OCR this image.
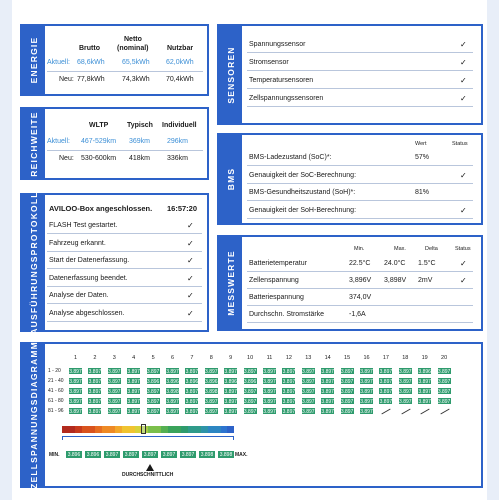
ENERGIE	Brutto
Netto
(nominal)	Nutzbar
Aktuell: 68,6kWh 65,5kWh 62,0kWh
Neu: 77,8kWh 74,3kWh 70,4kWh
REICHWEITE	WLTP	Typisch Individuell
Aktuell: 467-529km 369km 296km
Neu: 530-600km 418km 336km
AUSFÜHRUNGSPROTOKOLL AVILOO-Box angeschlossen. 16:57:20
FLASH Test gestartet.	✓
Fahrzeug erkannt.	✓
Start der Datenerfassung.	✓
Datenerfassung beendet.	✓
Analyse der Daten.	✓
Analyse abgeschlossen.	✓
SENSOREN
Spannungssensor	✓
Stromsensor	✓
Temperatursensoren	✓
Zellspannungssensoren	✓
BMS
Wert	Status
BMS-Ladezustand (SoC)*:	57%
Genauigkeit der SoC-Berechnung:	✓
BMS-Gesundheitszustand (SoH)*:	81%
Genauigkeit der SoH-Berechnung:	✓
MESSWERTE
Min.	Max.	Delta	Status
Batterietemperatur	22.5°C 24.0°C 1.5°C	✓
Zellenspannung	3,896V 3,898V 2mV	✓
Batteriespannung	374,0V
Durchschn. Stromstärke	-1,6A
ZELLSPANNUNGSDIAGRAMM	1	2	3	4	5	6	7	8	9	10	11	12	13	14	15	16	17	18	19	20
1 - 20 3.897 3.897 3.897 3.897 3.897 3.897 3.897 3.897 3.897 3.897 3.897 3.897 3.897 3.897 3.897 3.897 3.897 3.897 3.896 3.897
21 - 40 3.897 3.897 3.897 3.897 3.896 3.896 3.896 3.896 3.896 3.896 3.897 3.897 3.897 3.897 3.897 3.897 3.897 3.897 3.897 3.897
41 - 60 3.897 3.897 3.897 3.897 3.897 3.898 3.897 3.898 3.897 3.897 3.897 3.897 3.897 3.897 3.897 3.897 3.897 3.897 3.897 3.897
61 - 80 3.897 3.897 3.897 3.897 3.897 3.897 3.897 3.897 3.897 3.897 3.897 3.897 3.897 3.897 3.897 3.897 3.897 3.897 3.897 3.897
81 - 96 3.897 3.897 3.897 3.897 3.897 3.897 3.897 3.897 3.897 3.897 3.897 3.897 3.897 3.897 3.897 3.897
MIN.	3.896	3.896	3.897	3.897	3.897	3.897	3.897	3.898	3.898 MAX.
DURCHSCHNITTLICH
